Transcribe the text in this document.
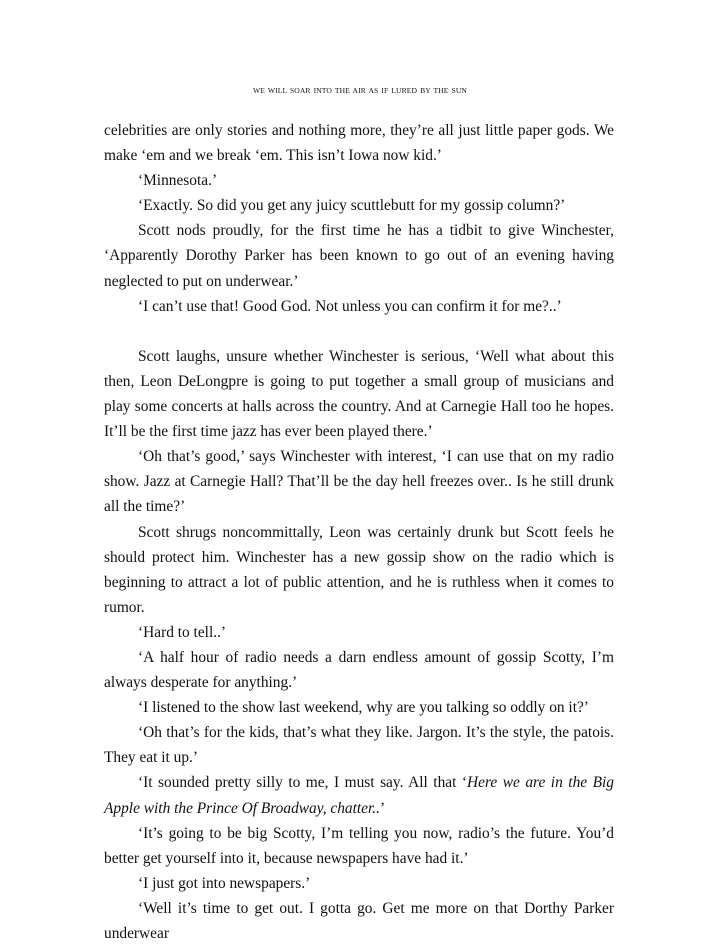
WE WILL SOAR INTO THE AIR AS IF LURED BY THE SUN

celebrities are only stories and nothing more, they’re all just little paper gods. We make ‘em and we break ‘em. This isn’t Iowa now kid.’

‘Minnesota.’

‘Exactly. So did you get any juicy scuttlebutt for my gossip column?’

Scott nods proudly, for the first time he has a tidbit to give Winchester, ‘Apparently Dorothy Parker has been known to go out of an evening having neglected to put on underwear.’

‘I can’t use that! Good God. Not unless you can confirm it for me?..’

Scott laughs, unsure whether Winchester is serious, ‘Well what about this then, Leon DeLongpre is going to put together a small group of musicians and play some concerts at halls across the country. And at Carnegie Hall too he hopes. It’ll be the first time jazz has ever been played there.’

‘Oh that’s good,’ says Winchester with interest, ‘I can use that on my radio show. Jazz at Carnegie Hall? That’ll be the day hell freezes over.. Is he still drunk all the time?’

Scott shrugs noncommittally, Leon was certainly drunk but Scott feels he should protect him. Winchester has a new gossip show on the radio which is beginning to attract a lot of public attention, and he is ruthless when it comes to rumor.

‘Hard to tell..’

‘A half hour of radio needs a darn endless amount of gossip Scotty, I’m always desperate for anything.’

‘I listened to the show last weekend, why are you talking so oddly on it?’

‘Oh that’s for the kids, that’s what they like. Jargon. It’s the style, the patois. They eat it up.’

‘It sounded pretty silly to me, I must say. All that ‘Here we are in the Big Apple with the Prince Of Broadway, chatter..’

‘It’s going to be big Scotty, I’m telling you now, radio’s the future. You’d better get yourself into it, because newspapers have had it.’

‘I just got into newspapers.’

‘Well it’s time to get out. I gotta go. Get me more on that Dorthy Parker underwear
